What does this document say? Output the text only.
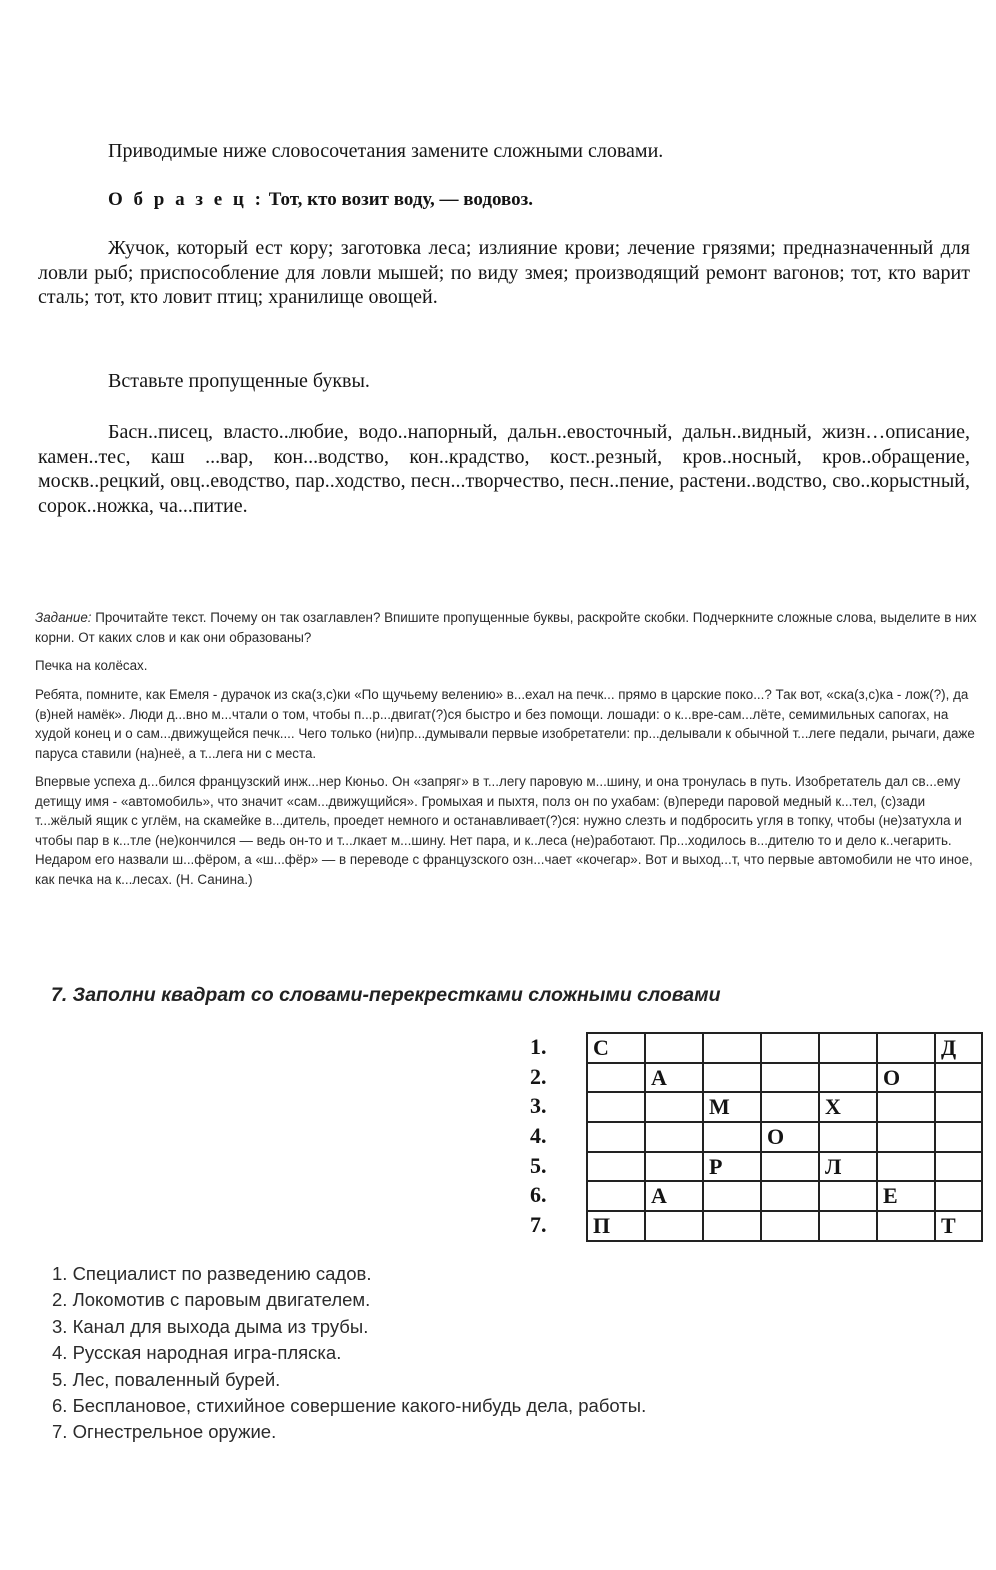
Приводимые ниже словосочетания замените сложными словами.
О б р а з е ц : Тот, кто возит воду, — водовоз.

Жучок, который ест кору; заготовка леса; излияние крови; лечение грязями; предназначенный для ловли рыб; приспособление для ловли мышей; по виду змея; производящий ремонт вагонов; тот, кто варит сталь; тот, кто ловит птиц; хранилище овощей.

Вставьте пропущенные буквы.

Басн..писец, власто..любие, водо..напорный, дальн..евосточный, дальн..видный, жизн…описание, камен..тес, каш ...вар, кон...водство, кон..крадство, кост..резный, кров..носный, кров..обращение, москв..рецкий, овц..еводство, пар..ходство, песн...творчество, песн..пение, растени..водство, сво..корыстный, сорок..ножка, ча...питие.

Задание: Прочитайте текст. Почему он так озаглавлен? Впишите пропущенные буквы, раскройте скобки. Подчеркните сложные слова, выделите в них корни. От каких слов и как они образованы?

Печка на колёсах.

Ребята, помните, как Емеля - дурачок из ска(з,с)ки «По щучьему велению» в...ехал на печк... прямо в царские поко...? Так вот, «ска(з,с)ка - лож(?), да (в)ней намёк». Люди д...вно м...чтали о том, чтобы п...р...двигат(?)ся быстро и без помощи. лошади: о к...вре-сам...лёте, семимильных сапогах, на худой конец и о сам...движущейся печк.... Чего только (ни)пр...думывали первые изобретатели: пр...делывали к обычной т...леге педали, рычаги, даже паруса ставили (на)неё, а т...лега ни с места.

Впервые успеха д...бился французский инж...нер Кюньо. Он «запряг» в т...легу паровую м...шину, и она тронулась в путь. Изобретатель дал св...ему детищу имя - «автомобиль», что значит «сам...движущийся». Громыхая и пыхтя, полз он по ухабам: (в)переди паровой медный к...тел, (с)зади т...жёлый ящик с углём, на скамейке в...дитель, проедет немного и останавливает(?)ся: нужно слезть и подбросить угля в топку, чтобы (не)затухла и чтобы пар в к...тле (не)кончился — ведь он-то и т...лкает м...шину. Нет пара, и к..леса (не)работают. Пр...ходилось в...дителю то и дело к..чегарить. Недаром его назвали ш...фёром, а «ш...фёр» — в переводе с французского озн...чает «кочегар». Вот и выход...т, что первые автомобили не что иное, как печка на к...лесах. (Н. Санина.)

7. Заполни квадрат со словами-перекрестками сложными словами
1.
2.
3.
4.
5.
6.
7.
С						Д
	А				О	
		М		Х		
			О			
		Р		Л		
	А				Е	
П						Т
1. Специалист по разведению садов.
2. Локомотив с паровым двигателем.
3. Канал для выхода дыма из трубы.
4. Русская народная игра-пляска.
5. Лес, поваленный бурей.
6. Бесплановое, стихийное совершение какого-нибудь дела, работы.
7. Огнестрельное оружие.
